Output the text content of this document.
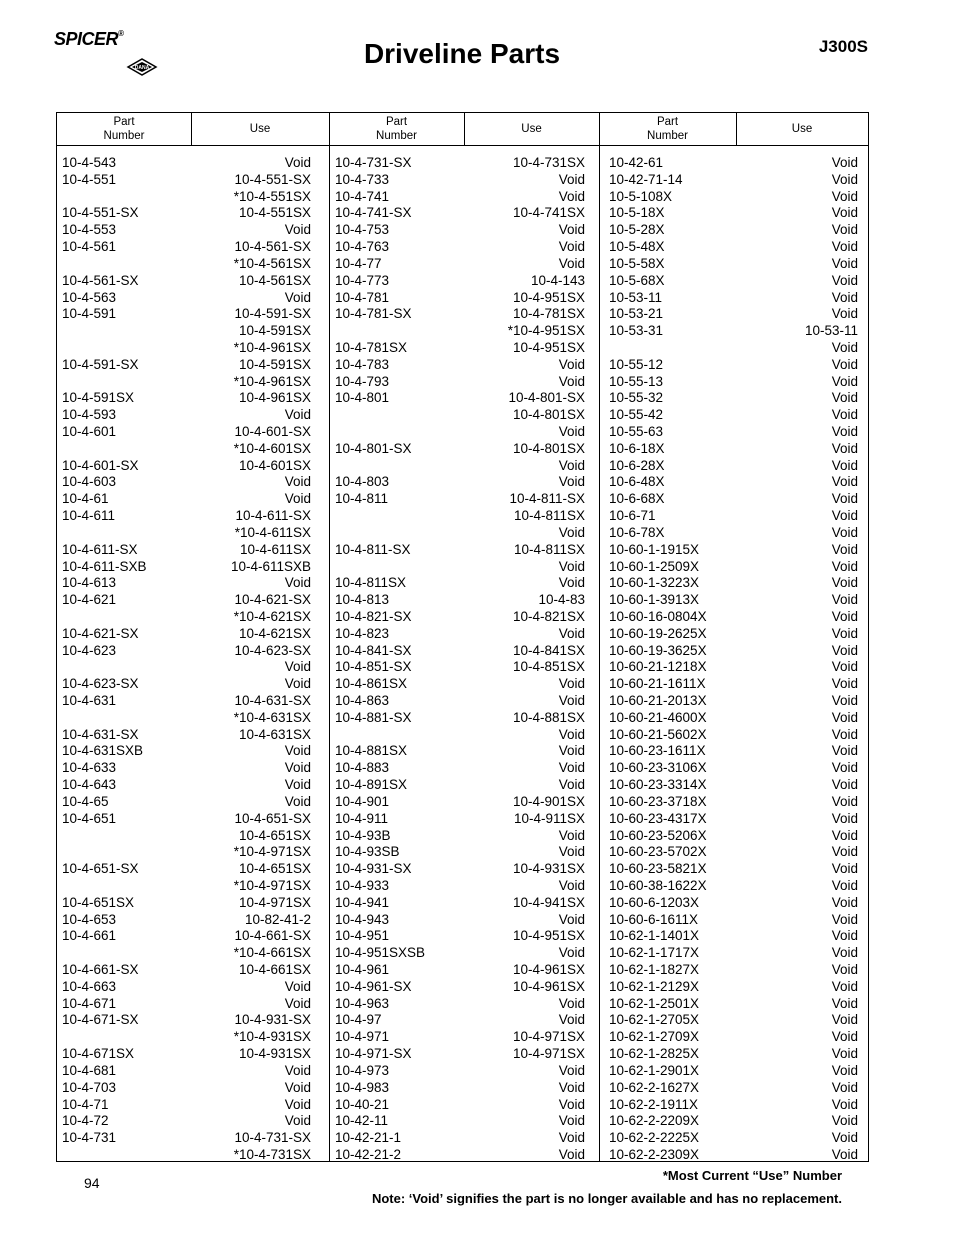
SPICER®
DANA	Driveline Parts	J300S
Part
Number
Use
Part
Number
Use
Part
Number
Use
10-4-543	Void
10-4-551	10-4-551-SX
*10-4-551SX
10-4-551-SX	10-4-551SX
10-4-553	Void
10-4-561	10-4-561-SX
*10-4-561SX
10-4-561-SX	10-4-561SX
10-4-563	Void
10-4-591	10-4-591-SX
10-4-591SX
*10-4-961SX
10-4-591-SX	10-4-591SX
*10-4-961SX
10-4-591SX	10-4-961SX
10-4-593	Void
10-4-601	10-4-601-SX
*10-4-601SX
10-4-601-SX	10-4-601SX
10-4-603	Void
10-4-61	Void
10-4-611	10-4-611-SX
*10-4-611SX
10-4-611-SX	10-4-611SX
10-4-611-SXB	10-4-611SXB
10-4-613	Void
10-4-621	10-4-621-SX
*10-4-621SX
10-4-621-SX	10-4-621SX
10-4-623	10-4-623-SX
Void
10-4-623-SX	Void
10-4-631	10-4-631-SX
*10-4-631SX
10-4-631-SX	10-4-631SX
10-4-631SXB	Void
10-4-633	Void
10-4-643	Void
10-4-65	Void
10-4-651	10-4-651-SX
10-4-651SX
*10-4-971SX
10-4-651-SX	10-4-651SX
*10-4-971SX
10-4-651SX	10-4-971SX
10-4-653	10-82-41-2
10-4-661	10-4-661-SX
*10-4-661SX
10-4-661-SX	10-4-661SX
10-4-663	Void
10-4-671	Void
10-4-671-SX	10-4-931-SX
*10-4-931SX
10-4-671SX	10-4-931SX
10-4-681	Void
10-4-703	Void
10-4-71	Void
10-4-72	Void
10-4-731	10-4-731-SX
*10-4-731SX
10-4-731-SX	10-4-731SX
10-4-733	Void
10-4-741	Void
10-4-741-SX	10-4-741SX
10-4-753	Void
10-4-763	Void
10-4-77	Void
10-4-773	10-4-143
10-4-781	10-4-951SX
10-4-781-SX	10-4-781SX
*10-4-951SX
10-4-781SX	10-4-951SX
10-4-783	Void
10-4-793	Void
10-4-801	10-4-801-SX
10-4-801SX
Void
10-4-801-SX	10-4-801SX
Void
10-4-803	Void
10-4-811	10-4-811-SX
10-4-811SX
Void
10-4-811-SX	10-4-811SX
Void
10-4-811SX	Void
10-4-813	10-4-83
10-4-821-SX	10-4-821SX
10-4-823	Void
10-4-841-SX	10-4-841SX
10-4-851-SX	10-4-851SX
10-4-861SX	Void
10-4-863	Void
10-4-881-SX	10-4-881SX
Void
10-4-881SX	Void
10-4-883	Void
10-4-891SX	Void
10-4-901	10-4-901SX
10-4-911	10-4-911SX
10-4-93B	Void
10-4-93SB	Void
10-4-931-SX	10-4-931SX
10-4-933	Void
10-4-941	10-4-941SX
10-4-943	Void
10-4-951	10-4-951SX
10-4-951SXSB	Void
10-4-961	10-4-961SX
10-4-961-SX	10-4-961SX
10-4-963	Void
10-4-97	Void
10-4-971	10-4-971SX
10-4-971-SX	10-4-971SX
10-4-973	Void
10-4-983	Void
10-40-21	Void
10-42-11	Void
10-42-21-1	Void
10-42-21-2	Void
10-42-61	Void
10-42-71-14	Void
10-5-108X	Void
10-5-18X	Void
10-5-28X	Void
10-5-48X	Void
10-5-58X	Void
10-5-68X	Void
10-53-11	Void
10-53-21	Void
10-53-31	10-53-11
Void
10-55-12	Void
10-55-13	Void
10-55-32	Void
10-55-42	Void
10-55-63	Void
10-6-18X	Void
10-6-28X	Void
10-6-48X	Void
10-6-68X	Void
10-6-71	Void
10-6-78X	Void
10-60-1-1915X	Void
10-60-1-2509X	Void
10-60-1-3223X	Void
10-60-1-3913X	Void
10-60-16-0804X	Void
10-60-19-2625X	Void
10-60-19-3625X	Void
10-60-21-1218X	Void
10-60-21-1611X	Void
10-60-21-2013X	Void
10-60-21-4600X	Void
10-60-21-5602X	Void
10-60-23-1611X	Void
10-60-23-3106X	Void
10-60-23-3314X	Void
10-60-23-3718X	Void
10-60-23-4317X	Void
10-60-23-5206X	Void
10-60-23-5702X	Void
10-60-23-5821X	Void
10-60-38-1622X	Void
10-60-6-1203X	Void
10-60-6-1611X	Void
10-62-1-1401X	Void
10-62-1-1717X	Void
10-62-1-1827X	Void
10-62-1-2129X	Void
10-62-1-2501X	Void
10-62-1-2705X	Void
10-62-1-2709X	Void
10-62-1-2825X	Void
10-62-1-2901X	Void
10-62-2-1627X	Void
10-62-2-1911X	Void
10-62-2-2209X	Void
10-62-2-2225X	Void
10-62-2-2309X	Void
94	*Most Current “Use” Number
Note: ‘Void’ signifies the part is no longer available and has no replacement.
